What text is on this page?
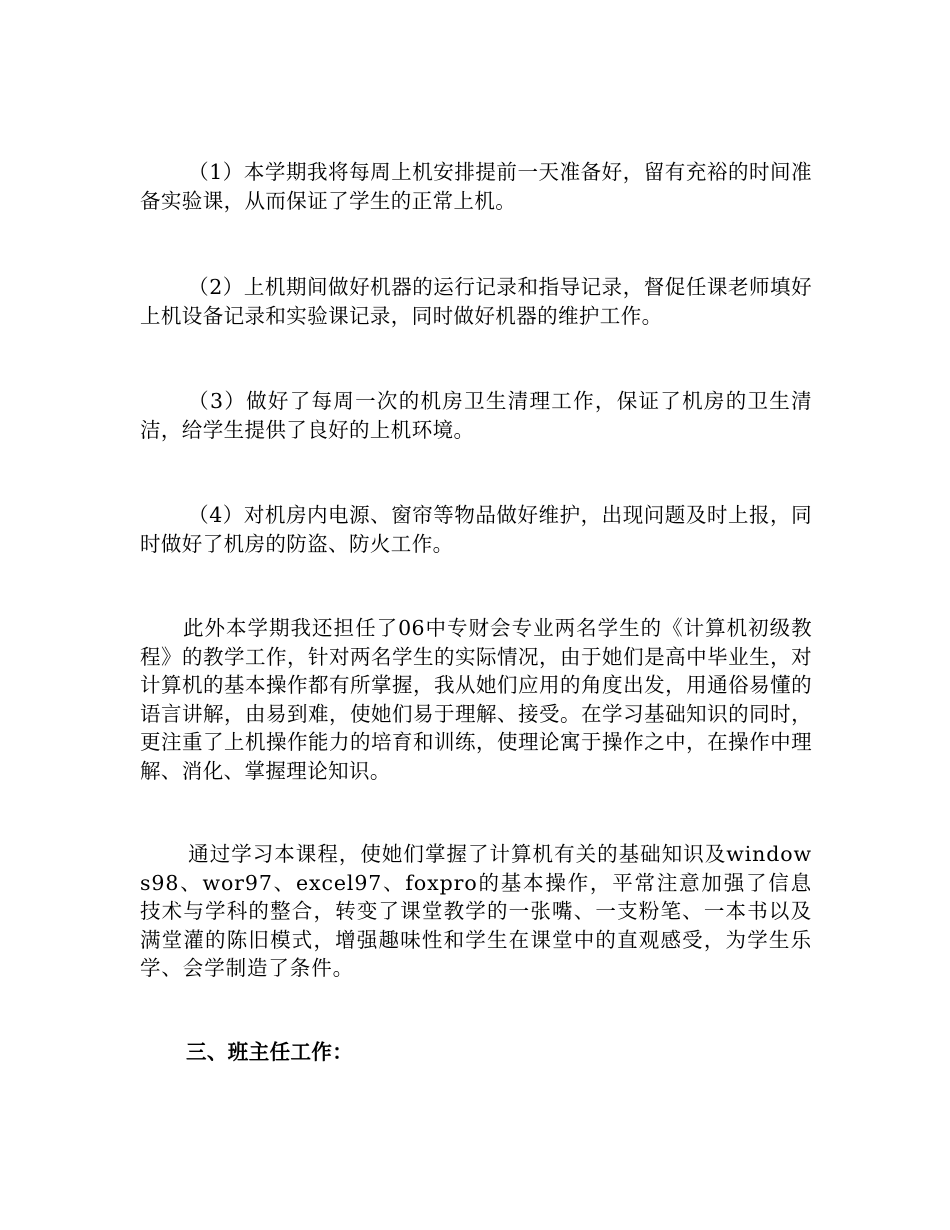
（1）本学期我将每周上机安排提前一天准备好，留有充裕的时间准备实验课，从而保证了学生的正常上机。

（2）上机期间做好机器的运行记录和指导记录，督促任课老师填好上机设备记录和实验课记录，同时做好机器的维护工作。

（3）做好了每周一次的机房卫生清理工作，保证了机房的卫生清洁，给学生提供了良好的上机环境。

（4）对机房内电源、窗帘等物品做好维护，出现问题及时上报，同时做好了机房的防盗、防火工作。

此外本学期我还担任了06中专财会专业两名学生的《计算机初级教程》的教学工作，针对两名学生的实际情况，由于她们是高中毕业生，对计算机的基本操作都有所掌握，我从她们应用的角度出发，用通俗易懂的语言讲解，由易到难，使她们易于理解、接受。在学习基础知识的同时，更注重了上机操作能力的培育和训练，使理论寓于操作之中，在操作中理解、消化、掌握理论知识。

通过学习本课程，使她们掌握了计算机有关的基础知识及windows98、wor97、excel97、foxpro的基本操作，平常注意加强了信息技术与学科的整合，转变了课堂教学的一张嘴、一支粉笔、一本书以及满堂灌的陈旧模式，增强趣味性和学生在课堂中的直观感受，为学生乐学、会学制造了条件。

三、班主任工作：
